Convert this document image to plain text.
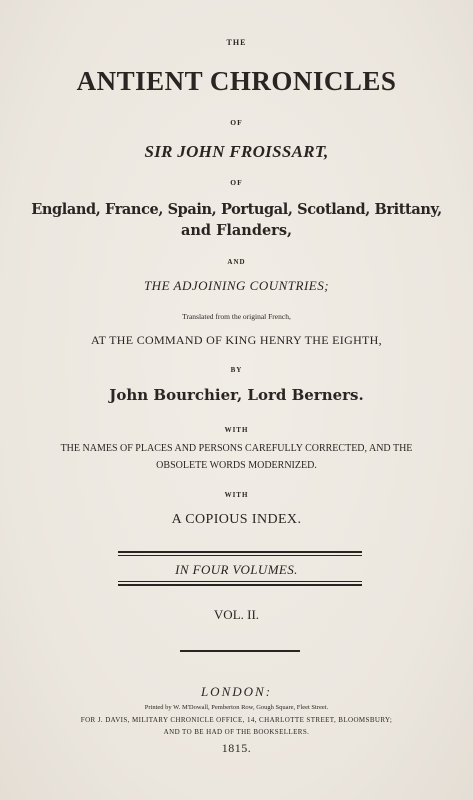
THE
ANTIENT CHRONICLES
OF
SIR JOHN FROISSART,
OF
England, France, Spain, Portugal, Scotland, Brittany,
and Flanders,
AND
THE ADJOINING COUNTRIES;
Translated from the original French,
AT THE COMMAND OF KING HENRY THE EIGHTH,
BY
John Bourchier, Lord Berners.
WITH
THE NAMES OF PLACES AND PERSONS CAREFULLY CORRECTED, AND THE
OBSOLETE WORDS MODERNIZED.
WITH
A COPIOUS INDEX.
IN FOUR VOLUMES.
VOL. II.
LONDON:
Printed by W. M'Dowall, Pemberton Row, Gough Square, Fleet Street.
FOR J. DAVIS, MILITARY CHRONICLE OFFICE, 14, CHARLOTTE STREET, BLOOMSBURY;
AND TO BE HAD OF THE BOOKSELLERS.
1815.
